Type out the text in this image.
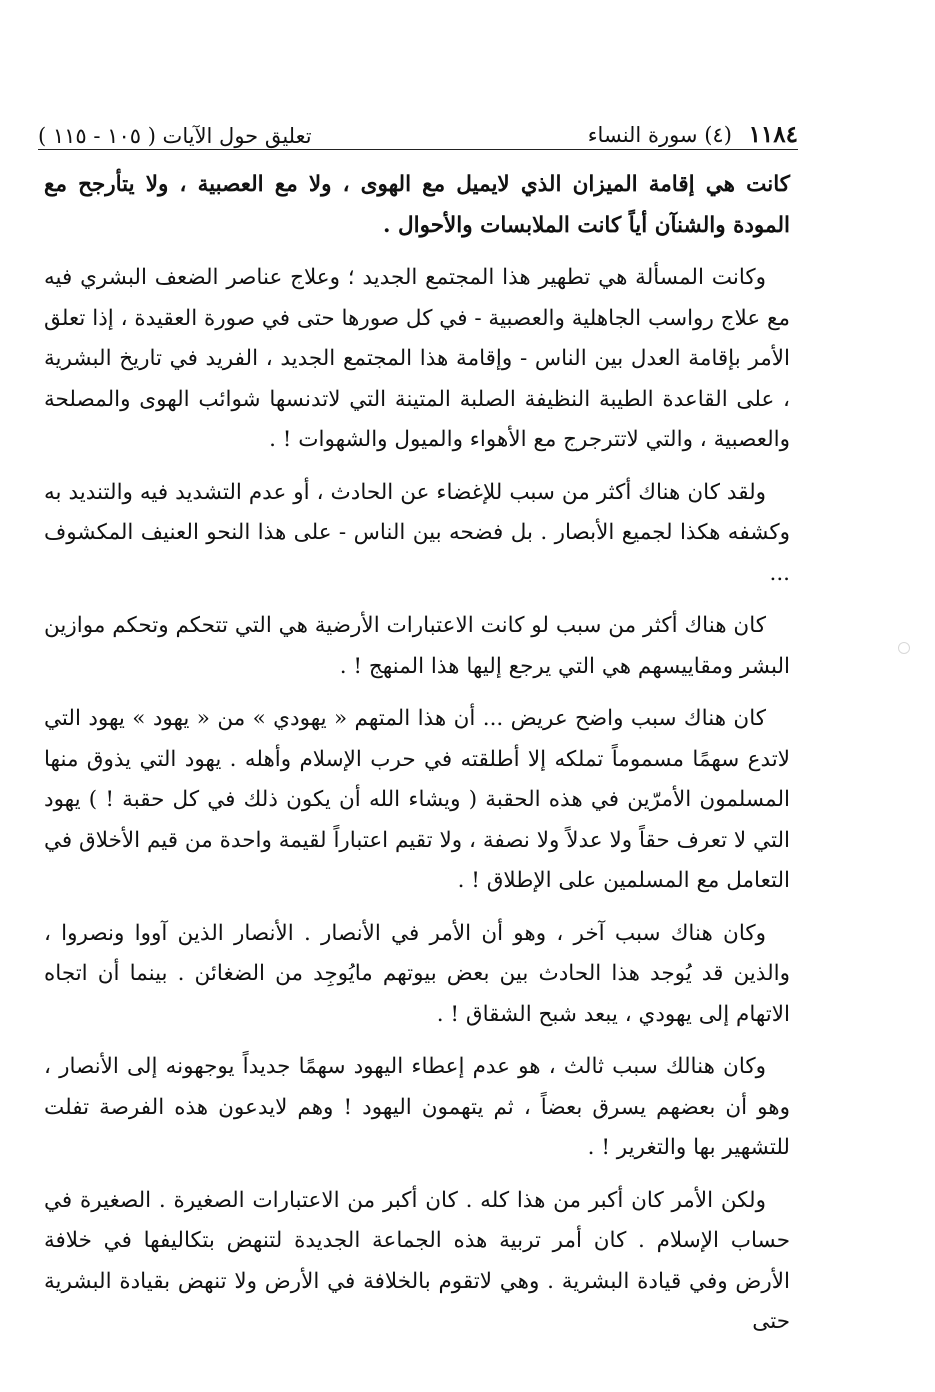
١١٨٤ (٤) سورة النساء
تعليق حول الآيات ( ١٠٥ - ١١٥ )

كانت هي إقامة الميزان الذي لايميل مع الهوى ، ولا مع العصبية ، ولا يتأرجح مع المودة والشنآن أياً كانت الملابسات والأحوال .

وكانت المسألة هي تطهير هذا المجتمع الجديد ؛ وعلاج عناصر الضعف البشري فيه مع علاج رواسب الجاهلية والعصبية - في كل صورها حتى في صورة العقيدة ، إذا تعلق الأمر بإقامة العدل بين الناس - وإقامة هذا المجتمع الجديد ، الفريد في تاريخ البشرية ، على القاعدة الطيبة النظيفة الصلبة المتينة التي لاتدنسها شوائب الهوى والمصلحة والعصبية ، والتي لاتترجرج مع الأهواء والميول والشهوات ! .

ولقد كان هناك أكثر من سبب للإغضاء عن الحادث ، أو عدم التشديد فيه والتنديد به وكشفه هكذا لجميع الأبصار . بل فضحه بين الناس - على هذا النحو العنيف المكشوف ...

كان هناك أكثر من سبب لو كانت الاعتبارات الأرضية هي التي تتحكم وتحكم موازين البشر ومقاييسهم هي التي يرجع إليها هذا المنهج ! .

كان هناك سبب واضح عريض ... أن هذا المتهم « يهودي » من « يهود » يهود التي لاتدع سهمًا مسموماً تملكه إلا أطلقته في حرب الإسلام وأهله . يهود التي يذوق منها المسلمون الأمرّين في هذه الحقبة ( ويشاء الله أن يكون ذلك في كل حقبة ! ) يهود التي لا تعرف حقاً ولا عدلاً ولا نصفة ، ولا تقيم اعتباراً لقيمة واحدة من قيم الأخلاق في التعامل مع المسلمين على الإطلاق ! .

وكان هناك سبب آخر ، وهو أن الأمر في الأنصار . الأنصار الذين آووا ونصروا ، والذين قد يُوجد هذا الحادث بين بعض بيوتهم مايُوجِد من الضغائن . بينما أن اتجاه الاتهام إلى يهودي ، يبعد شبح الشقاق ! .

وكان هنالك سبب ثالث ، هو عدم إعطاء اليهود سهمًا جديداً يوجهونه إلى الأنصار ، وهو أن بعضهم يسرق بعضاً ، ثم يتهمون اليهود ! وهم لايدعون هذه الفرصة تفلت للتشهير بها والتغرير ! .

ولكن الأمر كان أكبر من هذا كله . كان أكبر من الاعتبارات الصغيرة . الصغيرة في حساب الإسلام . كان أمر تربية هذه الجماعة الجديدة لتنهض بتكاليفها في خلافة الأرض وفي قيادة البشرية . وهي لاتقوم بالخلافة في الأرض ولا تنهض بقيادة البشرية حتى
